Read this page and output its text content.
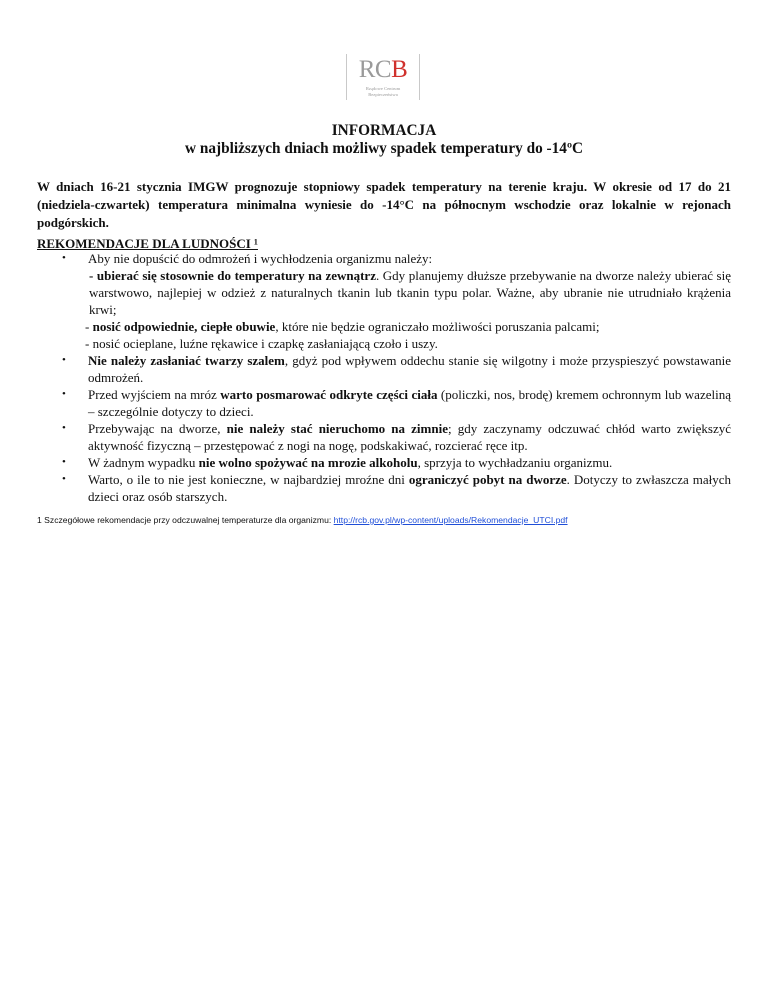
RCB
Rządowe Centrum
Bezpieczeństwa
INFORMACJA
w najbliższych dniach możliwy spadek temperatury do -14ºC
W dniach 16-21 stycznia IMGW prognozuje stopniowy spadek temperatury na terenie kraju. W okresie od 17 do 21 (niedziela-czwartek) temperatura minimalna wyniesie do -14°C na północnym wschodzie oraz lokalnie w rejonach podgórskich.
REKOMENDACJE DLA LUDNOŚCI ¹
• Aby nie dopuścić do odmrożeń i wychłodzenia organizmu należy:
- ubierać się stosownie do temperatury na zewnątrz. Gdy planujemy dłuższe przebywanie na dworze należy ubierać się warstwowo, najlepiej w odzież z naturalnych tkanin lub tkanin typu polar. Ważne, aby ubranie nie utrudniało krążenia krwi;
- nosić odpowiednie, ciepłe obuwie, które nie będzie ograniczało możliwości poruszania palcami;
- nosić ocieplane, luźne rękawice i czapkę zasłaniającą czoło i uszy.
• Nie należy zasłaniać twarzy szalem, gdyż pod wpływem oddechu stanie się wilgotny i może przyspieszyć powstawanie odmrożeń.
• Przed wyjściem na mróz warto posmarować odkryte części ciała (policzki, nos, brodę) kremem ochronnym lub wazeliną – szczególnie dotyczy to dzieci.
• Przebywając na dworze, nie należy stać nieruchomo na zimnie; gdy zaczynamy odczuwać chłód warto zwiększyć aktywność fizyczną – przestępować z nogi na nogę, podskakiwać, rozcierać ręce itp.
• W żadnym wypadku nie wolno spożywać na mrozie alkoholu, sprzyja to wychładzaniu organizmu.
• Warto, o ile to nie jest konieczne, w najbardziej mroźne dni ograniczyć pobyt na dworze. Dotyczy to zwłaszcza małych dzieci oraz osób starszych.
1 Szczegółowe rekomendacje przy odczuwalnej temperaturze dla organizmu: http://rcb.gov.pl/wp-content/uploads/Rekomendacje_UTCI.pdf
